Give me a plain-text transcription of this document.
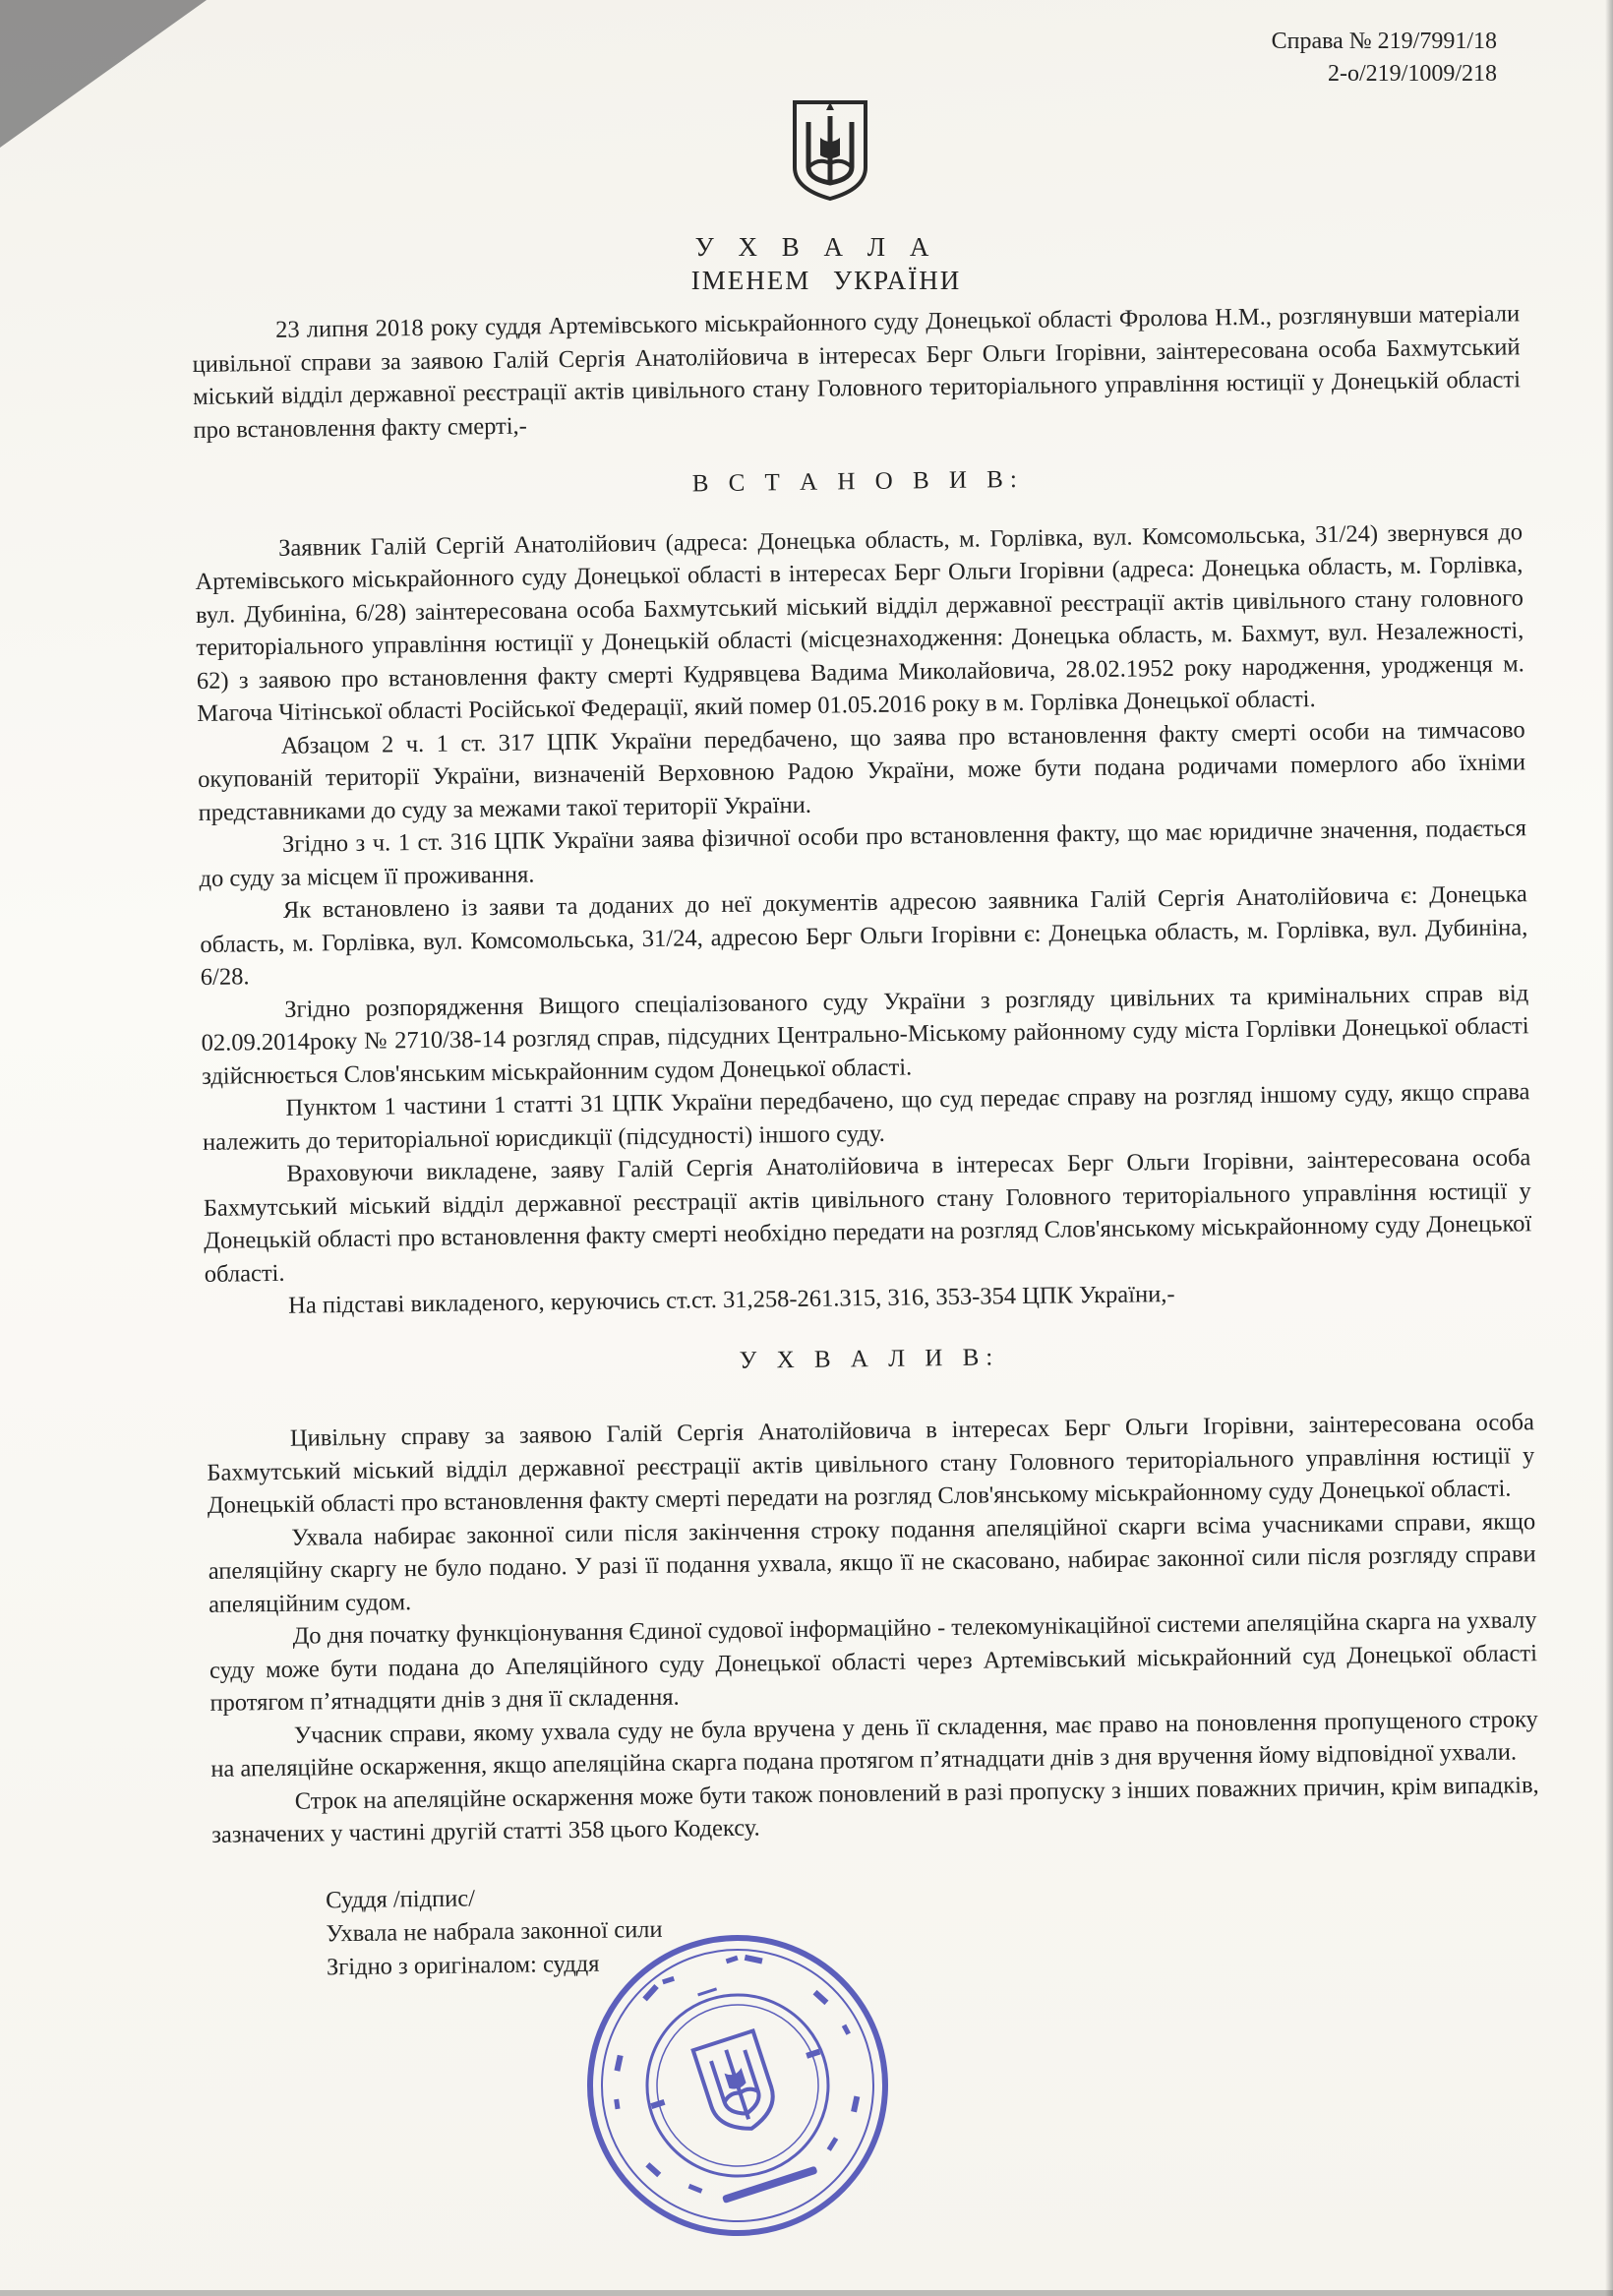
Справа № 219/7991/18
2-о/219/1009/218
У Х В А Л А
ІМЕНЕМ УКРАЇНИ

23 липня 2018 року суддя Артемівського міськрайонного суду Донецької області Фролова Н.М., розглянувши матеріали цивільної справи за заявою Галій Сергія Анатолійовича в інтересах Берг Ольги Ігорівни, заінтересована особа Бахмутський міський відділ державної реєстрації актів цивільного стану Головного територіального управління юстиції у Донецькій області про встановлення факту смерті,-

В С Т А Н О В И В:

Заявник Галій Сергій Анатолійович (адреса: Донецька область, м. Горлівка, вул. Комсомольська, 31/24) звернувся до Артемівського міськрайонного суду Донецької області в інтересах Берг Ольги Ігорівни (адреса: Донецька область, м. Горлівка, вул. Дубиніна, 6/28) заінтересована особа Бахмутський міський відділ державної реєстрації актів цивільного стану головного територіального управління юстиції у Донецькій області (місцезнаходження: Донецька область, м. Бахмут, вул. Незалежності, 62) з заявою про встановлення факту смерті Кудрявцева Вадима Миколайовича, 28.02.1952 року народження, уродженця м. Магоча Чітінської області Російської Федерації, який помер 01.05.2016 року в м. Горлівка Донецької області.

Абзацом 2 ч. 1 ст. 317 ЦПК України передбачено, що заява про встановлення факту смерті особи на тимчасово окупованій території України, визначеній Верховною Радою України, може бути подана родичами померлого або їхніми представниками до суду за межами такої території України.

Згідно з ч. 1 ст. 316 ЦПК України заява фізичної особи про встановлення факту, що має юридичне значення, подається до суду за місцем її проживання.

Як встановлено із заяви та доданих до неї документів адресою заявника Галій Сергія Анатолійовича є: Донецька область, м. Горлівка, вул. Комсомольська, 31/24, адресою Берг Ольги Ігорівни є: Донецька область, м. Горлівка, вул. Дубиніна, 6/28.

Згідно розпорядження Вищого спеціалізованого суду України з розгляду цивільних та кримінальних справ від 02.09.2014року № 2710/38-14 розгляд справ, підсудних Центрально-Міському районному суду міста Горлівки Донецької області здійснюється Слов'янським міськрайонним судом Донецької області.

Пунктом 1 частини 1 статті 31 ЦПК України передбачено, що суд передає справу на розгляд іншому суду, якщо справа належить до територіальної юрисдикції (підсудності) іншого суду.

Враховуючи викладене, заяву Галій Сергія Анатолійовича в інтересах Берг Ольги Ігорівни, заінтересована особа Бахмутський міський відділ державної реєстрації актів цивільного стану Головного територіального управління юстиції у Донецькій області про встановлення факту смерті необхідно передати на розгляд Слов'янському міськрайонному суду Донецької області.

На підставі викладеного, керуючись ст.ст. 31,258-261.315, 316, 353-354 ЦПК України,-

У Х В А Л И В:

Цивільну справу за заявою Галій Сергія Анатолійовича в інтересах Берг Ольги Ігорівни, заінтересована особа Бахмутський міський відділ державної реєстрації актів цивільного стану Головного територіального управління юстиції у Донецькій області про встановлення факту смерті передати на розгляд Слов'янському міськрайонному суду Донецької області.

Ухвала набирає законної сили після закінчення строку подання апеляційної скарги всіма учасниками справи, якщо апеляційну скаргу не було подано. У разі її подання ухвала, якщо її не скасовано, набирає законної сили після розгляду справи апеляційним судом.

До дня початку функціонування Єдиної судової інформаційно - телекомунікаційної системи апеляційна скарга на ухвалу суду може бути подана до Апеляційного суду Донецької області через Артемівський міськрайонний суд Донецької області протягом п’ятнадцяти днів з дня її складення.

Учасник справи, якому ухвала суду не була вручена у день її складення, має право на поновлення пропущеного строку на апеляційне оскарження, якщо апеляційна скарга подана протягом п’ятнадцати днів з дня вручення йому відповідної ухвали.

Строк на апеляційне оскарження може бути також поновлений в разі пропуску з інших поважних причин, крім випадків, зазначених у частині другій статті 358 цього Кодексу.

Суддя /підпис/
Ухвала не набрала законної сили
Згідно з оригіналом: суддя
